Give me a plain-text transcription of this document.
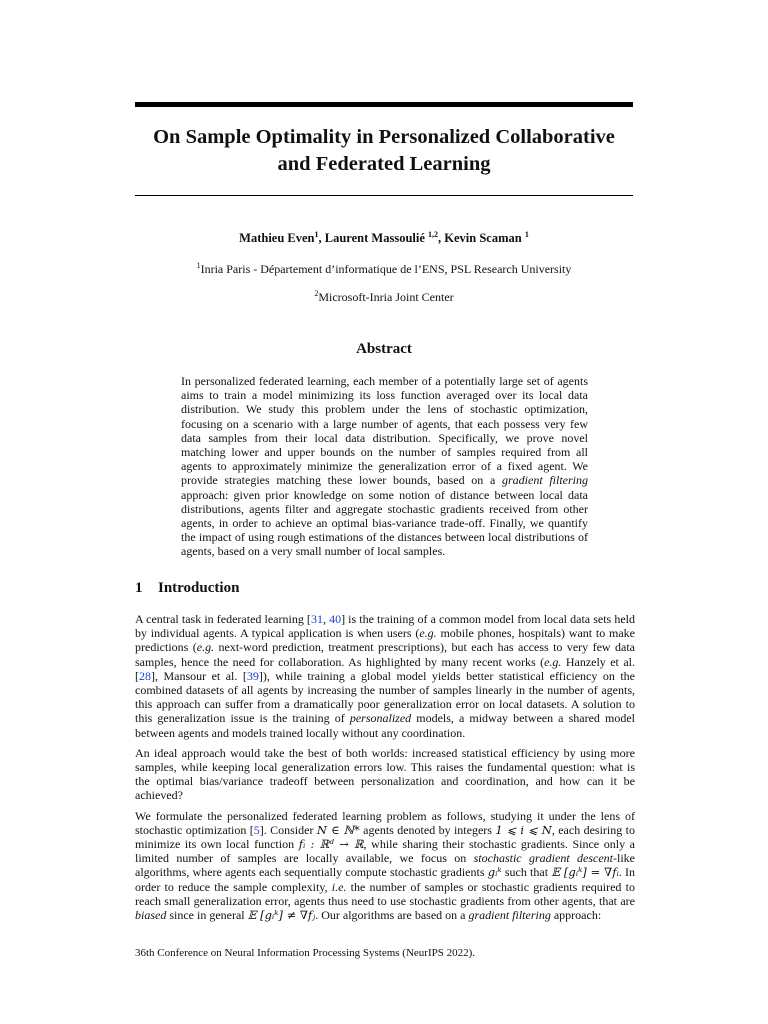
On Sample Optimality in Personalized Collaborative
and Federated Learning
Mathieu Even$^1$, Laurent Massoulié $^{1,2}$, Kevin Scaman $^1$
$^1$Inria Paris - Département d’informatique de l’ENS, PSL Research University
$^2$Microsoft-Inria Joint Center
Abstract

In personalized federated learning, each member of a potentially large set of agents aims to train a model minimizing its loss function averaged over its local data distribution. We study this problem under the lens of stochastic optimization, focusing on a scenario with a large number of agents, that each possess very few data samples from their local data distribution. Specifically, we prove novel matching lower and upper bounds on the number of samples required from all agents to approximately minimize the generalization error of a fixed agent. We provide strategies matching these lower bounds, based on a gradient filtering approach: given prior knowledge on some notion of distance between local data distributions, agents filter and aggregate stochastic gradients received from other agents, in order to achieve an optimal bias-variance trade-off. Finally, we quantify the impact of using rough estimations of the distances between local distributions of agents, based on a very small number of local samples.

1 Introduction

A central task in federated learning [31, 40] is the training of a common model from local data sets held by individual agents. A typical application is when users (e.g. mobile phones, hospitals) want to make predictions (e.g. next-word prediction, treatment prescriptions), but each has access to very few data samples, hence the need for collaboration. As highlighted by many recent works (e.g. Hanzely et al. [28], Mansour et al. [39]), while training a global model yields better statistical efficiency on the combined datasets of all agents by increasing the number of samples linearly in the number of agents, this approach can suffer from a dramatically poor generalization error on local datasets. A solution to this generalization issue is the training of personalized models, a midway between a shared model between agents and models trained locally without any coordination.

An ideal approach would take the best of both worlds: increased statistical efficiency by using more samples, while keeping local generalization errors low. This raises the fundamental question: what is the optimal bias/variance tradeoff between personalization and coordination, and how can it be achieved?

We formulate the personalized federated learning problem as follows, studying it under the lens of stochastic optimization [5]. Consider N ∈ ℕ* agents denoted by integers 1 ⩽ i ⩽ N, each desiring to minimize its own local function fᵢ : ℝᵈ → ℝ, while sharing their stochastic gradients. Since only a limited number of samples are locally available, we focus on stochastic gradient descent-like algorithms, where agents each sequentially compute stochastic gradients gᵢᵏ such that 𝔼 [gᵢᵏ] = ∇fᵢ. In order to reduce the sample complexity, i.e. the number of samples or stochastic gradients required to reach small generalization error, agents thus need to use stochastic gradients from other agents, that are biased since in general 𝔼 [gᵢᵏ] ≠ ∇fⱼ. Our algorithms are based on a gradient filtering approach:

36th Conference on Neural Information Processing Systems (NeurIPS 2022).
